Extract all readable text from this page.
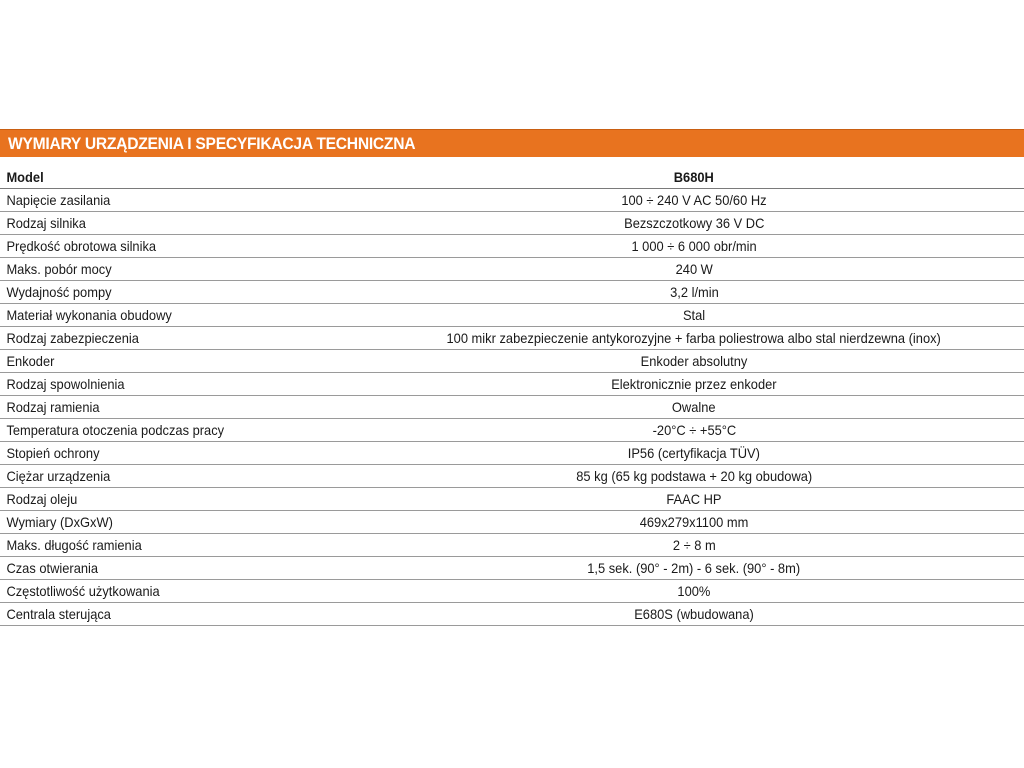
WYMIARY URZĄDZENIA I SPECYFIKACJA TECHNICZNA
Model	B680H
Napięcie zasilania	100 ÷ 240 V AC 50/60 Hz
Rodzaj silnika	Bezszczotkowy 36 V DC
Prędkość obrotowa silnika	1 000 ÷ 6 000 obr/min
Maks. pobór mocy	240 W
Wydajność pompy	3,2 l/min
Materiał wykonania obudowy	Stal
Rodzaj zabezpieczenia	100 mikr zabezpieczenie antykorozyjne + farba poliestrowa albo stal nierdzewna (inox)
Enkoder	Enkoder absolutny
Rodzaj spowolnienia	Elektronicznie przez enkoder
Rodzaj ramienia	Owalne
Temperatura otoczenia podczas pracy	-20°C ÷ +55°C
Stopień ochrony	IP56 (certyfikacja TÜV)
Ciężar urządzenia	85 kg (65 kg podstawa + 20 kg obudowa)
Rodzaj oleju	FAAC HP
Wymiary (DxGxW)	469x279x1100 mm
Maks. długość ramienia	2 ÷ 8 m
Czas otwierania	1,5 sek. (90° - 2m) - 6 sek. (90° - 8m)
Częstotliwość użytkowania	100%
Centrala sterująca	E680S (wbudowana)
